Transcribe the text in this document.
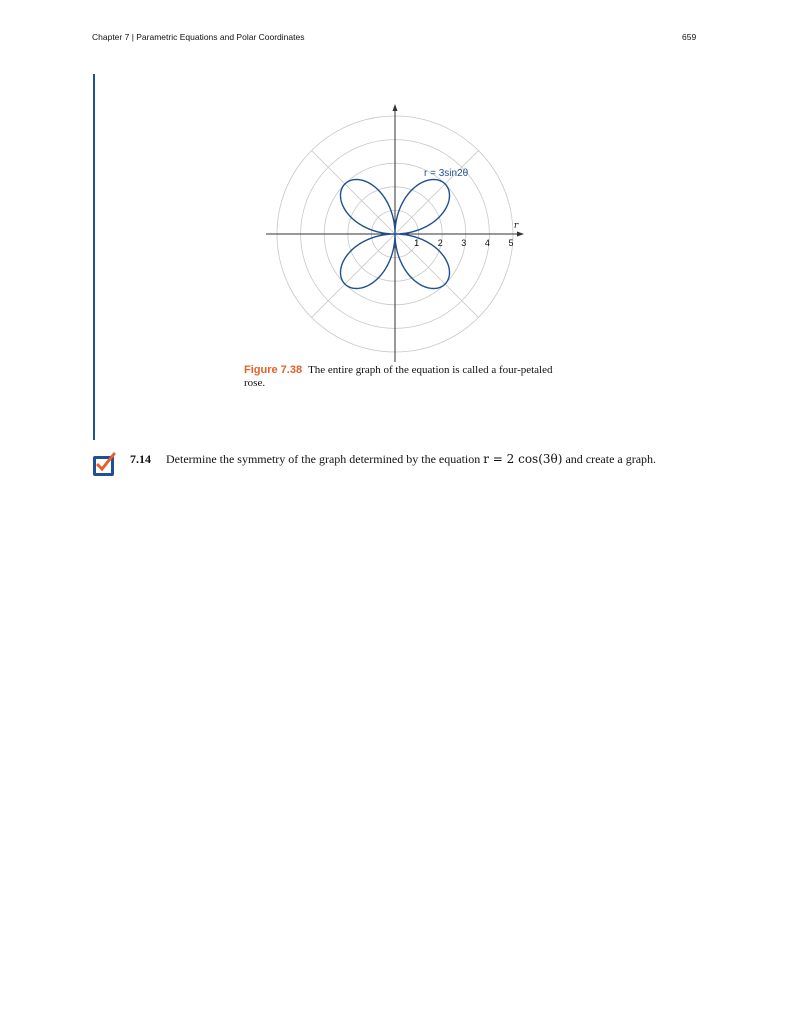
Chapter 7 | Parametric Equations and Polar Coordinates	659
1 2 3 4 5
r
r = 3sin2θ
Figure 7.38 The entire graph of the equation is called a four-petaled rose.
7.14 Determine the symmetry of the graph determined by the equation r = 2 cos(3θ) and create a graph.
